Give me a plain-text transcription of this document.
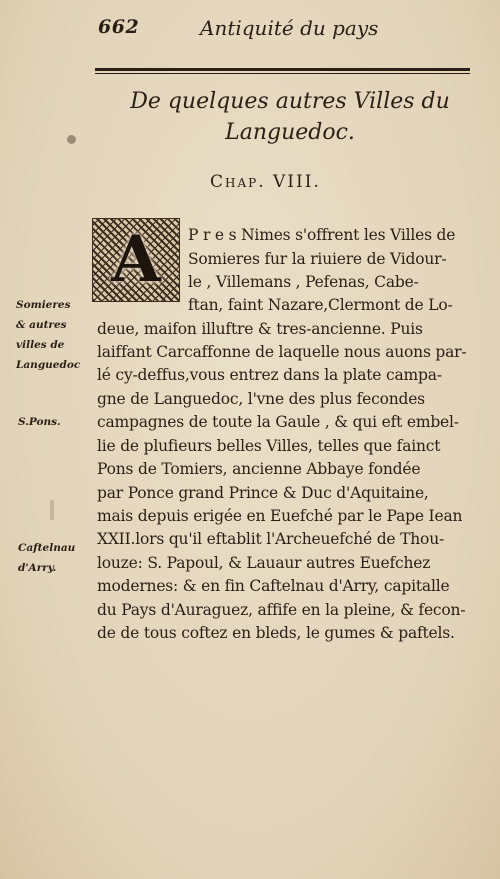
662	Antiquité du pays
De quelques autres Villes du
Languedoc.
Chap. VIII.
A	P r e s Nimes s'offrent les Villes de
Somieres fur la riuiere de Vidour-
le , Villemans , Pefenas, Cabe-
ftan, faint Nazare,Clermont de Lo-
deue, maifon illuftre & tres-ancienne. Puis
laiffant Carcaffonne de laquelle nous auons par-
lé cy-deffus,vous entrez dans la plate campa-
gne de Languedoc, l'vne des plus fecondes
campagnes de toute la Gaule , & qui eft embel-
lie de plufieurs belles Villes, telles que fainct
Pons de Tomiers, ancienne Abbaye fondée
par Ponce grand Prince & Duc d'Aquitaine,
mais depuis erigée en Euefché par le Pape Iean
XXII.lors qu'il eftablit l'Archeuefché de Thou-
louze: S. Papoul, & Lauaur autres Euefchez
modernes: & en fin Caftelnau d'Arry, capitalle
du Pays d'Auraguez, affife en la pleine, & fecon-
de de tous coftez en bleds, le gumes & paftels.
Somieres
& autres
villes de
Languedoc
S.Pons.
Caftelnau
d'Arry.
